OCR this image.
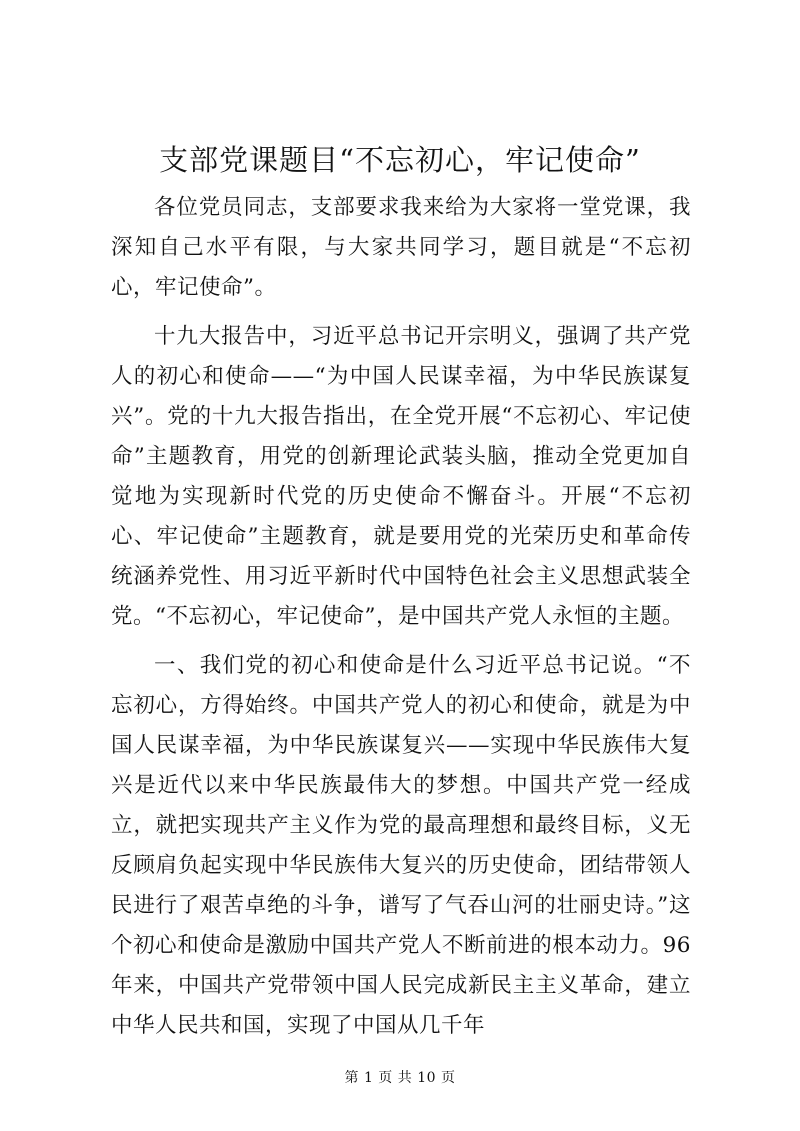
支部党课题目“不忘初心，牢记使命”

各位党员同志，支部要求我来给为大家将一堂党课，我深知自己水平有限，与大家共同学习，题目就是“不忘初心，牢记使命”。

十九大报告中，习近平总书记开宗明义，强调了共产党人的初心和使命——“为中国人民谋幸福，为中华民族谋复兴”。党的十九大报告指出，在全党开展“不忘初心、牢记使命”主题教育，用党的创新理论武装头脑，推动全党更加自觉地为实现新时代党的历史使命不懈奋斗。开展“不忘初心、牢记使命”主题教育，就是要用党的光荣历史和革命传统涵养党性、用习近平新时代中国特色社会主义思想武装全党。“不忘初心，牢记使命”，是中国共产党人永恒的主题。

一、我们党的初心和使命是什么习近平总书记说。“不忘初心，方得始终。中国共产党人的初心和使命，就是为中国人民谋幸福，为中华民族谋复兴——实现中华民族伟大复兴是近代以来中华民族最伟大的梦想。中国共产党一经成立，就把实现共产主义作为党的最高理想和最终目标，义无反顾肩负起实现中华民族伟大复兴的历史使命，团结带领人民进行了艰苦卓绝的斗争，谱写了气吞山河的壮丽史诗。”这个初心和使命是激励中国共产党人不断前进的根本动力。96年来，中国共产党带领中国人民完成新民主主义革命，建立中华人民共和国，实现了中国从几千年

第 1 页 共 10 页
